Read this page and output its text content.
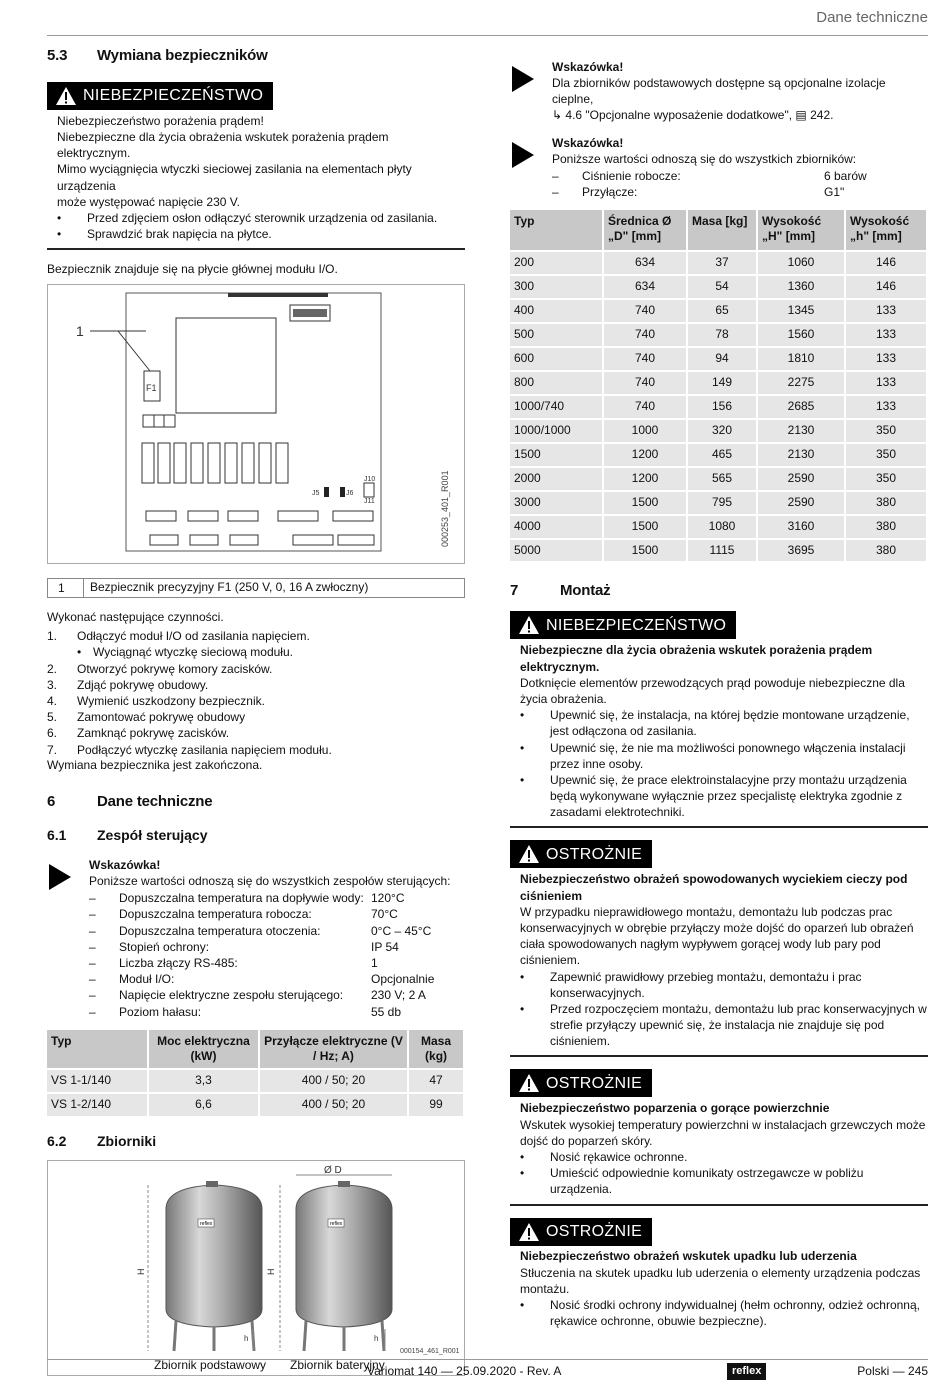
Dane techniczne
5.3	Wymiana bezpieczników
NIEBEZPIECZEŃSTWO

Niebezpieczeństwo porażenia prądem!

Niebezpieczne dla życia obrażenia wskutek porażenia prądem elektrycznym.

Mimo wyciągnięcia wtyczki sieciowej zasilania na elementach płyty urządzenia

może występować napięcie 230 V.

•	Przed zdjęciem osłon odłączyć sterownik urządzenia od zasilania.
•	Sprawdzić brak napięcia na płytce.

Bezpiecznik znajduje się na płycie głównej modułu I/O.

1
F1
J5	J6
J10
J11	000253_401_R001
1	Bezpiecznik precyzyjny F1 (250 V, 0, 16 A zwłoczny)

Wykonać następujące czynności.

1.	Odłączyć moduł I/O od zasilania napięciem.
• Wyciągnąć wtyczkę sieciową modułu.
2.	Otworzyć pokrywę komory zacisków.
3.	Zdjąć pokrywę obudowy.
4.	Wymienić uszkodzony bezpiecznik.
5.	Zamontować pokrywę obudowy
6.	Zamknąć pokrywę zacisków.
7.	Podłączyć wtyczkę zasilania napięciem modułu.

Wymiana bezpiecznika jest zakończona.

6	Dane techniczne
6.1	Zespół sterujący
Wskazówka!
Poniższe wartości odnoszą się do wszystkich zespołów sterujących:
–	Dopuszczalna temperatura na dopływie wody: 120°C
–	Dopuszczalna temperatura robocza:	70°C
–	Dopuszczalna temperatura otoczenia:	0°C – 45°C
–	Stopień ochrony:	IP 54
–	Liczba złączy RS-485:	1
–	Moduł I/O:	Opcjonalnie
–	Napięcie elektryczne zespołu sterującego:	230 V; 2 A
–	Poziom hałasu:	55 db
Typ	Moc elektryczna (kW)	Przyłącze elektryczne (V / Hz; A)	Masa (kg)
VS 1-1/140	3,3	400 / 50; 20	47
VS 1-2/140	6,6	400 / 50; 20	99
6.2	Zbiorniki
reflex
H
h
reflex
Ø D
H
h
000154_461_R001
Zbiornik podstawowy Zbiornik bateryjny
Wskazówka!
Dla zbiorników podstawowych dostępne są opcjonalne izolacje cieplne,
↳ 4.6 "Opcjonalne wyposażenie dodatkowe", ▤ 242.
Wskazówka!
Poniższe wartości odnoszą się do wszystkich zbiorników:
–	Ciśnienie robocze:	6 barów
–	Przyłącze:	G1"
Typ	Średnica Ø „D" [mm]	Masa [kg]	Wysokość „H" [mm]	Wysokość „h" [mm]
200	634	37	1060	146
300	634	54	1360	146
400	740	65	1345	133
500	740	78	1560	133
600	740	94	1810	133
800	740	149	2275	133
1000/740	740	156	2685	133
1000/1000	1000	320	2130	350
1500	1200	465	2130	350
2000	1200	565	2590	350
3000	1500	795	2590	380
4000	1500	1080	3160	380
5000	1500	1115	3695	380
7	Montaż
NIEBEZPIECZEŃSTWO

Niebezpieczne dla życia obrażenia wskutek porażenia prądem elektrycznym.

Dotknięcie elementów przewodzących prąd powoduje niebezpieczne dla życia obrażenia.

•	Upewnić się, że instalacja, na której będzie montowane urządzenie, jest odłączona od zasilania.
•	Upewnić się, że nie ma możliwości ponownego włączenia instalacji przez inne osoby.
•	Upewnić się, że prace elektroinstalacyjne przy montażu urządzenia będą wykonywane wyłącznie przez specjalistę elektryka zgodnie z zasadami elektrotechniki.
OSTROŻNIE

Niebezpieczeństwo obrażeń spowodowanych wyciekiem cieczy pod ciśnieniem

W przypadku nieprawidłowego montażu, demontażu lub podczas prac konserwacyjnych w obrębie przyłączy może dojść do oparzeń lub obrażeń ciała spowodowanych nagłym wypływem gorącej wody lub pary pod ciśnieniem.

•	Zapewnić prawidłowy przebieg montażu, demontażu i prac konserwacyjnych.
•	Przed rozpoczęciem montażu, demontażu lub prac konserwacyjnych w strefie przyłączy upewnić się, że instalacja nie znajduje się pod ciśnieniem.
OSTROŻNIE

Niebezpieczeństwo poparzenia o gorące powierzchnie

Wskutek wysokiej temperatury powierzchni w instalacjach grzewczych może dojść do poparzeń skóry.

•	Nosić rękawice ochronne.
•	Umieścić odpowiednie komunikaty ostrzegawcze w pobliżu urządzenia.
OSTROŻNIE

Niebezpieczeństwo obrażeń wskutek upadku lub uderzenia

Stłuczenia na skutek upadku lub uderzenia o elementy urządzenia podczas montażu.

•	Nosić środki ochrony indywidualnej (hełm ochronny, odzież ochronną, rękawice ochronne, obuwie bezpieczne).
Variomat 140 — 25.09.2020 - Rev. A	reflex	Polski — 245
